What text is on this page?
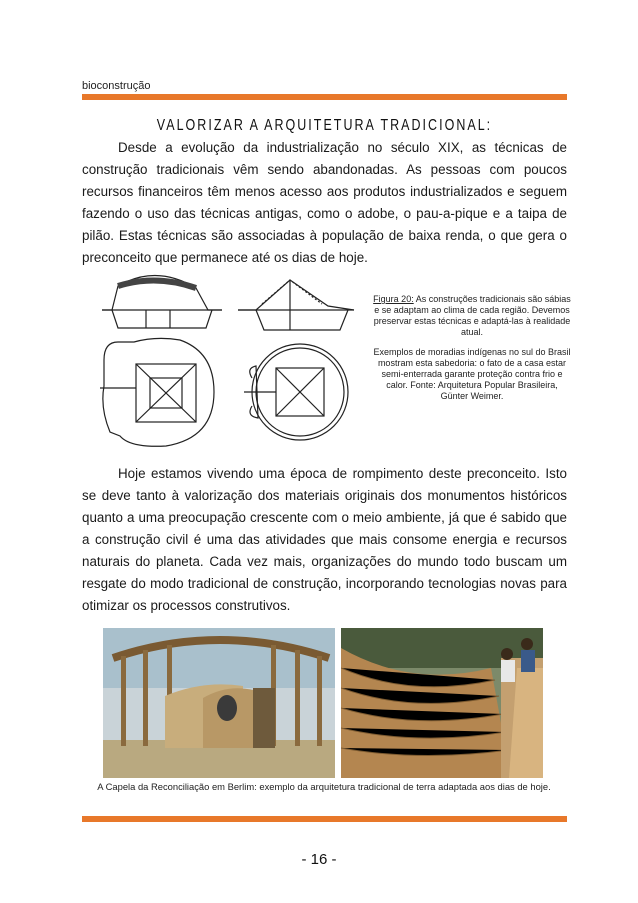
bioconstrução
VALORIZAR A ARQUITETURA TRADICIONAL:

Desde a evolução da industrialização no século XIX, as técnicas de construção tradicionais vêm sendo abandonadas. As pessoas com poucos recursos financeiros têm menos acesso aos produtos industrializados e seguem fazendo o uso das técnicas antigas, como o adobe, o pau-a-pique e a taipa de pilão. Estas técnicas são associadas à população de baixa renda, o que gera o preconceito que permanece até os dias de hoje.

Figura 20: As construções tradicionais são sábias e se adaptam ao clima de cada região. Devemos preservar estas técnicas e adaptá-las à realidade atual.
Exemplos de moradias indígenas no sul do Brasil mostram esta sabedoria: o fato de a casa estar semi-enterrada garante proteção contra frio e calor. Fonte: Arquitetura Popular Brasileira, Günter Weimer.

Hoje estamos vivendo uma época de rompimento deste preconceito. Isto se deve tanto à valorização dos materiais originais dos monumentos históricos quanto a uma preocupação crescente com o meio ambiente, já que é sabido que a construção civil é uma das atividades que mais consome energia e recursos naturais do planeta. Cada vez mais, organizações do mundo todo buscam um resgate do modo tradicional de construção, incorporando tecnologias novas para otimizar os processos construtivos.

A Capela da Reconciliação em Berlim: exemplo da arquitetura tradicional de terra adaptada aos dias de hoje.
- 16 -
